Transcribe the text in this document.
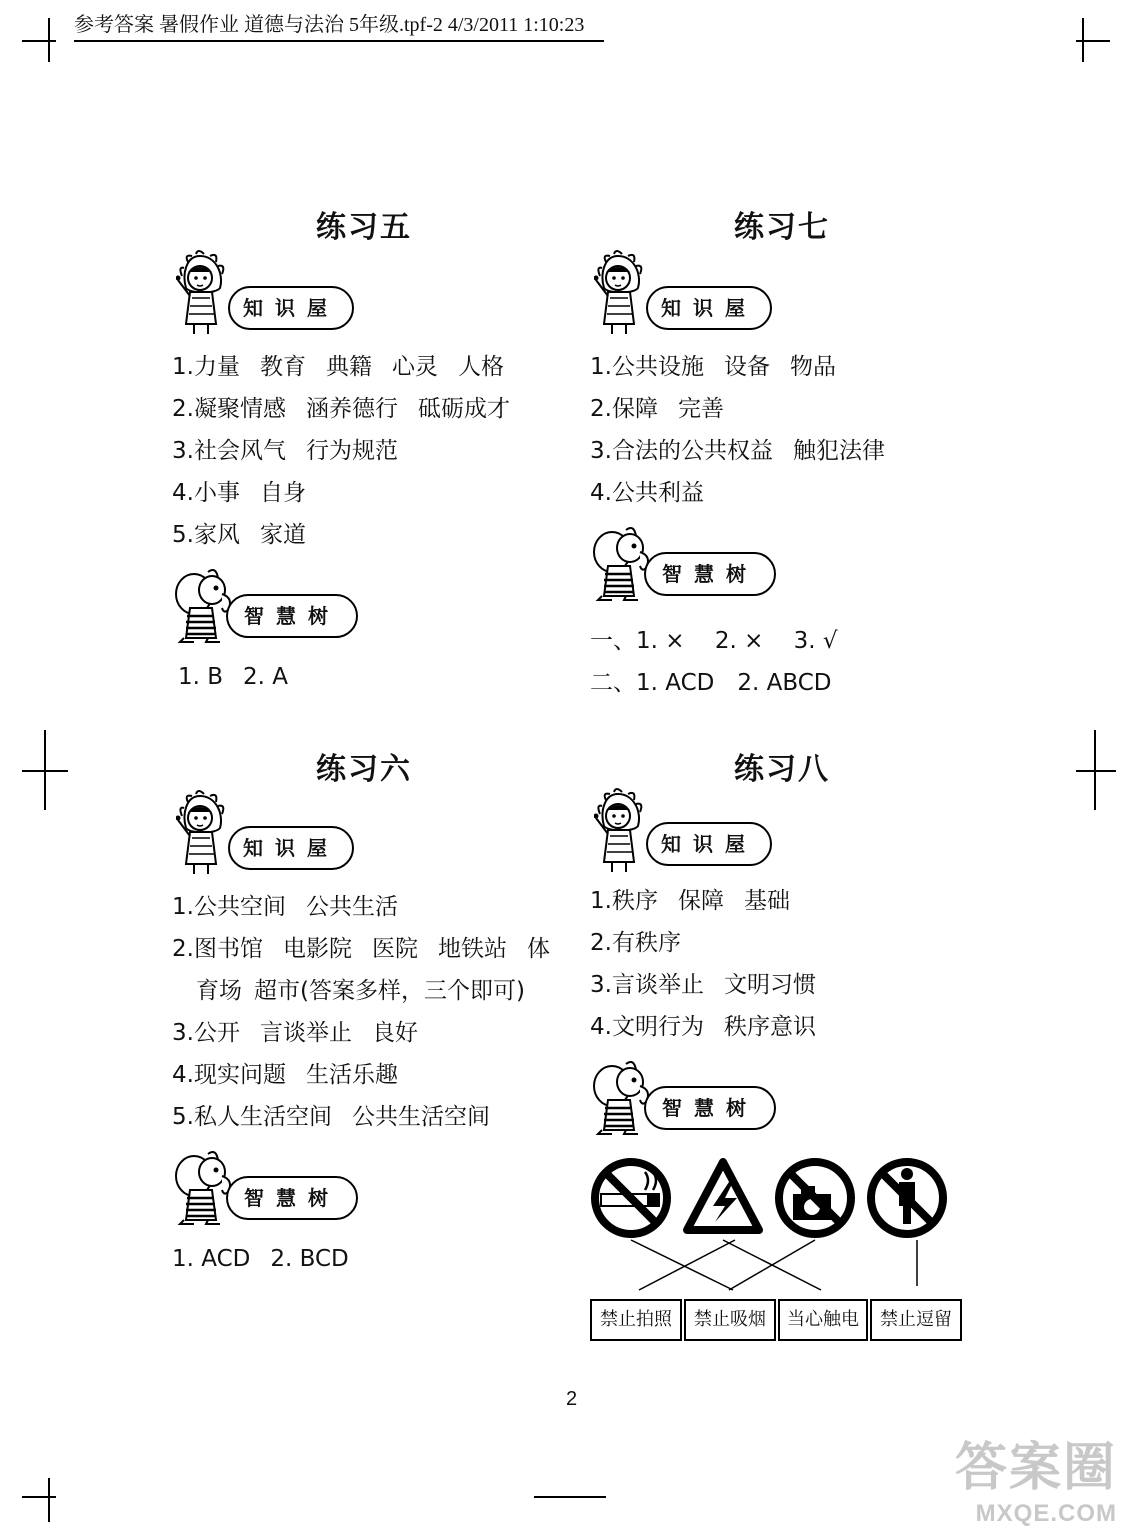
参考答案 暑假作业 道德与法治 5年级.tpf-2 4/3/2011 1:10:23
练习五
知识屋
1.力量 教育 典籍 心灵 人格
2.凝聚情感 涵养德行 砥砺成才
3.社会风气 行为规范
4.小事 自身
5.家风 家道
智慧树
1. B 2. A
练习六
知识屋
1.公共空间 公共生活
2.图书馆 电影院 医院 地铁站 体
育场 超市(答案多样，三个即可)
3.公开 言谈举止 良好
4.现实问题 生活乐趣
5.私人生活空间 公共生活空间
智慧树
1. ACD 2. BCD
练习七
知识屋
1.公共设施 设备 物品
2.保障 完善
3.合法的公共权益 触犯法律
4.公共利益
智慧树
一、1. ×　 2. ×　 3. √
二、1. ACD　2. ABCD
练习八
知识屋
1.秩序 保障 基础
2.有秩序
3.言谈举止 文明习惯
4.文明行为 秩序意识
智慧树
禁止拍照	禁止吸烟	当心触电	禁止逗留
2
答案圈
MXQE.COM
